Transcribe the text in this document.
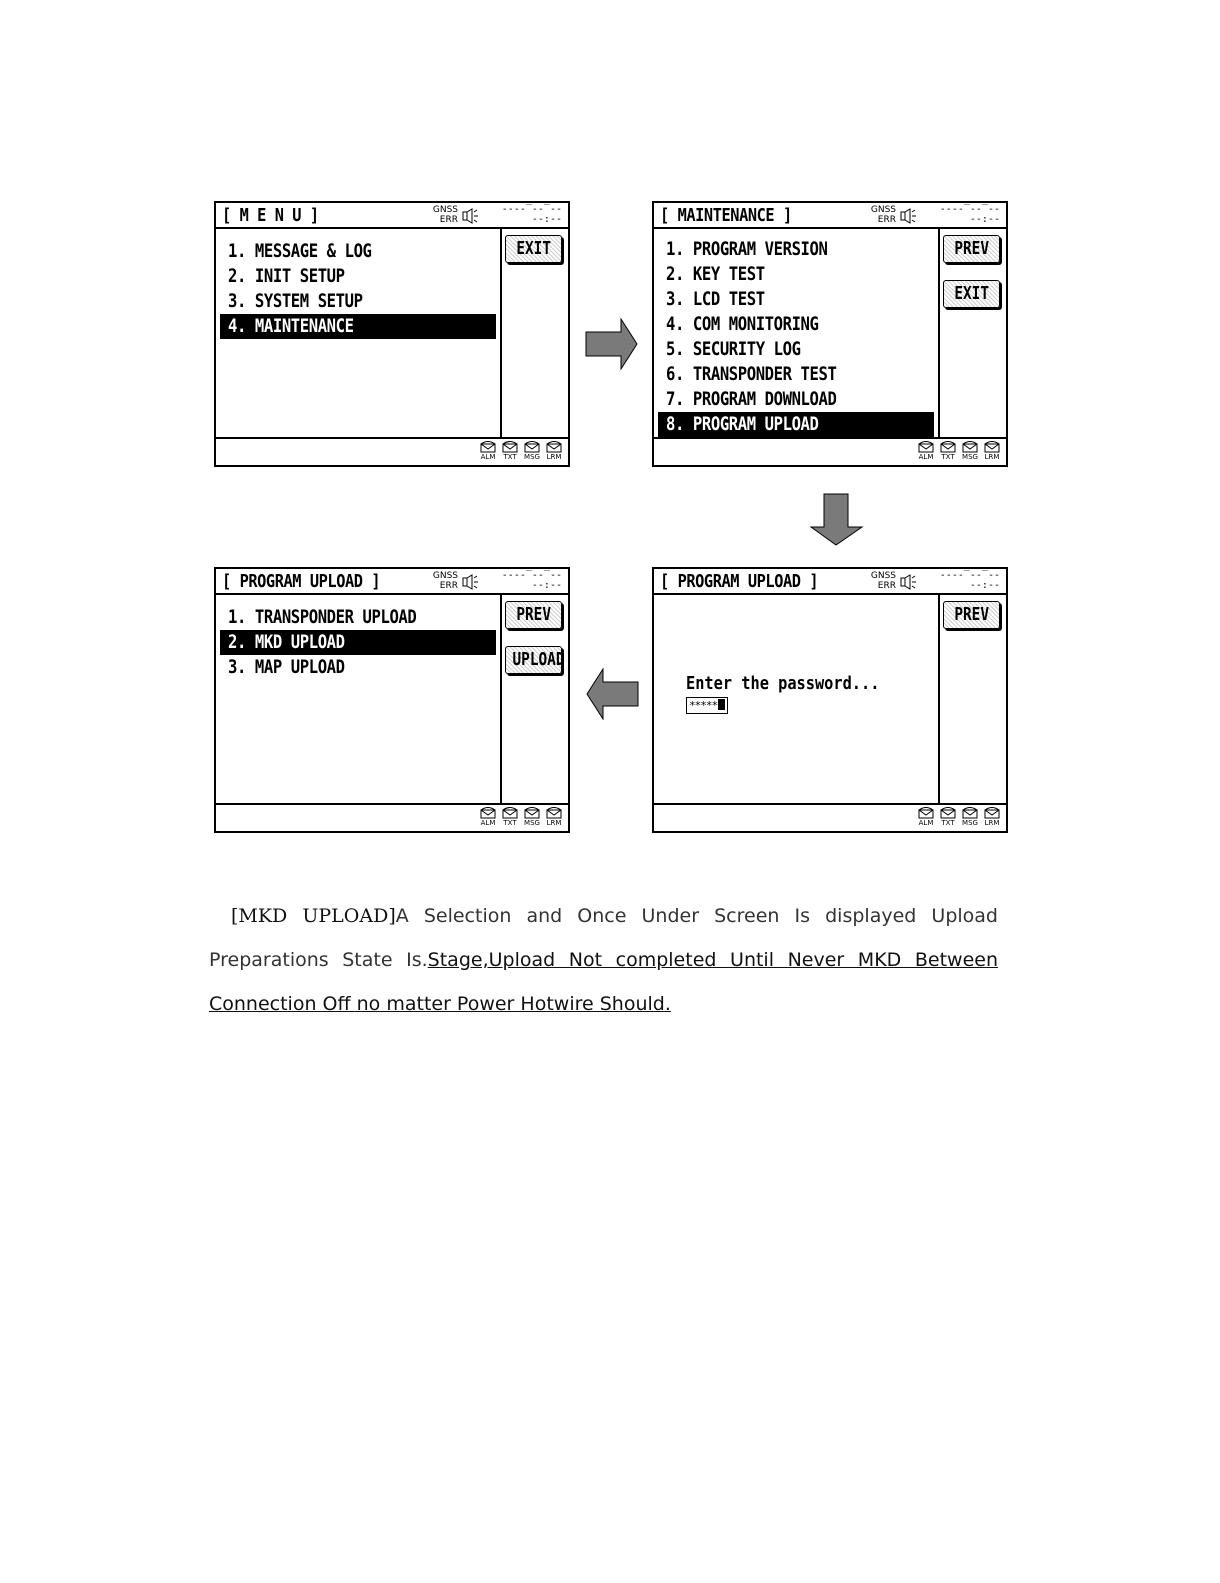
[ M E N U ]	GNSS
ERR
----‾--‾--
--:--
1. MESSAGE & LOG
2. INIT SETUP
3. SYSTEM SETUP
4. MAINTENANCE
EXIT
ALM	TXT	MSG LRM
[ MAINTENANCE ]	GNSS
ERR
----‾--‾--
--:--
1. PROGRAM VERSION
2. KEY TEST
3. LCD TEST
4. COM MONITORING
5. SECURITY LOG
6. TRANSPONDER TEST
7. PROGRAM DOWNLOAD
8. PROGRAM UPLOAD
PREV
EXIT
ALM	TXT	MSG LRM
[ PROGRAM UPLOAD ]	GNSS
ERR
----‾--‾--
--:--
1. TRANSPONDER UPLOAD
2. MKD UPLOAD
3. MAP UPLOAD
PREV
UPLOAD
ALM	TXT	MSG LRM
[ PROGRAM UPLOAD ]	GNSS
ERR
----‾--‾--
--:--
Enter the password...
*****
PREV
ALM	TXT	MSG LRM
[MKD UPLOAD]A Selection and Once Under Screen Is displayed Upload
Preparations State Is.Stage,Upload Not completed Until Never MKD Between
Connection Off no matter Power Hotwire Should.
